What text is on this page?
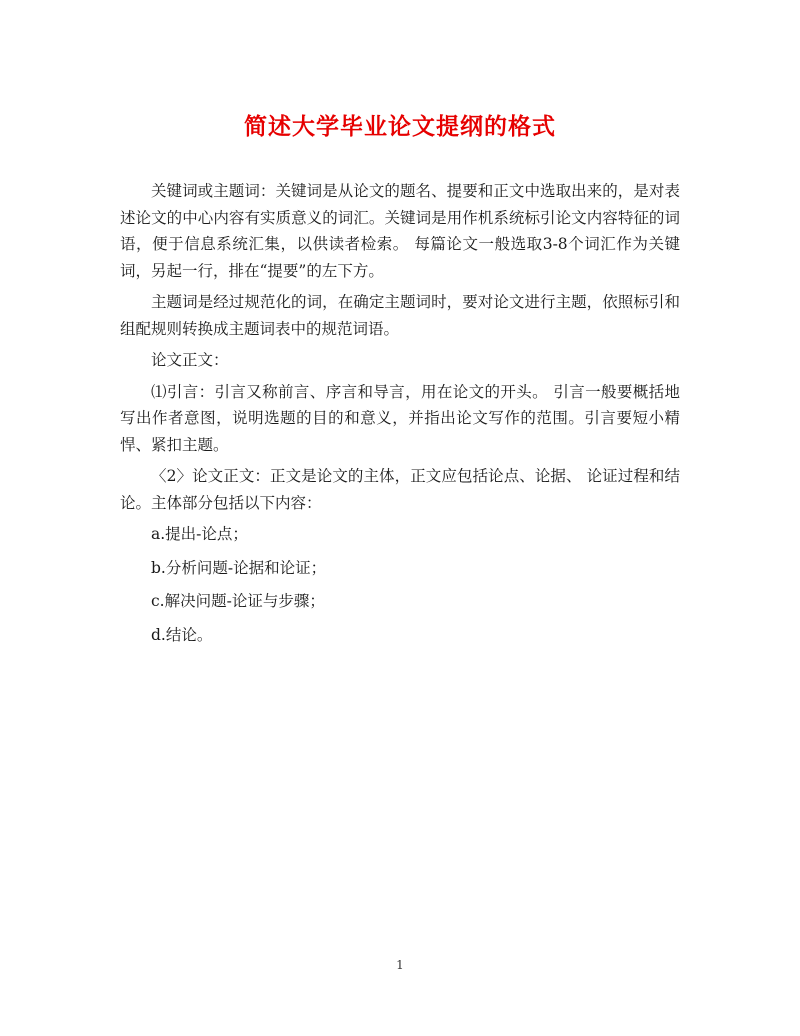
简述大学毕业论文提纲的格式

关键词或主题词：关键词是从论文的题名、提要和正文中选取出来的，是对表述论文的中心内容有实质意义的词汇。关键词是用作机系统标引论文内容特征的词语，便于信息系统汇集，以供读者检索。 每篇论文一般选取3-8个词汇作为关键词，另起一行，排在“提要”的左下方。

主题词是经过规范化的词，在确定主题词时，要对论文进行主题，依照标引和组配规则转换成主题词表中的规范词语。

论文正文：

⑴引言：引言又称前言、序言和导言，用在论文的开头。 引言一般要概括地写出作者意图，说明选题的目的和意义，并指出论文写作的范围。引言要短小精悍、紧扣主题。

〈2〉论文正文：正文是论文的主体，正文应包括论点、论据、 论证过程和结论。主体部分包括以下内容：

a.提出-论点；

b.分析问题-论据和论证；

c.解决问题-论证与步骤；

d.结论。

1
